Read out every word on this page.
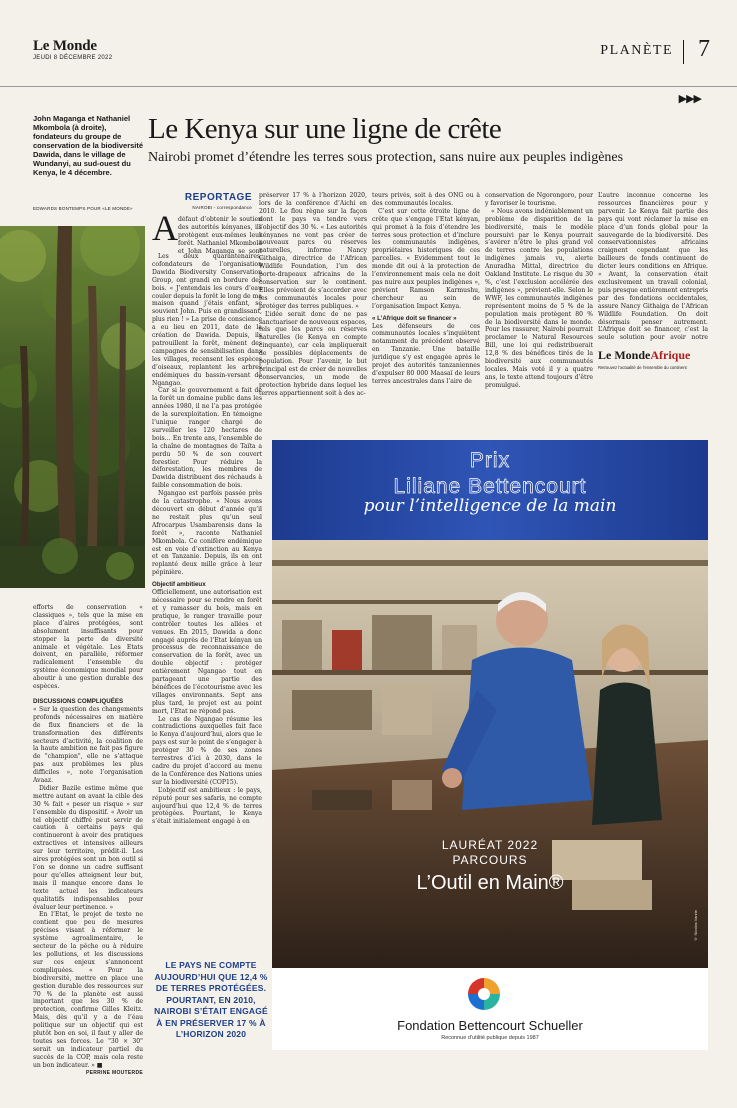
Le Monde
JEUDI 8 DÉCEMBRE 2022	PLANÈTE 7
▶▶▶
John Maganga et Nathaniel Mkombola (à droite), fondateurs du groupe de conservation de la biodiversité Dawida, dans le village de Wundanyi, au sud-ouest du Kenya, le 4 décembre.
EDWARDS BONTEMPS POUR «LE MONDE»
Le Kenya sur une ligne de crête
Nairobi promet d’étendre les terres sous protection, sans nuire aux peuples indigènes
REPORTAGE
NAIROBI - correspondance
A défaut d’obtenir le soutien des autorités kényanes, ils protègent eux-mêmes leur forêt. Nathaniel Mkombola et John Maganga se sont

Les deux quarantenaires, cofondateurs de l’organisation Dawida Biodiversity Conservation Group, ont grandi en bordure des bois. « J’entendais les cours d’eau couler depuis la forêt le long de ma maison quand j’étais enfant, se souvient John. Puis en grandissant, plus rien ! » La prise de conscience a eu lieu en 2011, date de la création de Dawida. Depuis, ils patrouillent la forêt, mènent des campagnes de sensibilisation dans les villages, recensent les espèces d’oiseaux, replantent les arbres endémiques du bassin-versant de Ngangao.

Car si le gouvernement a fait de la forêt un domaine public dans les années 1980, il ne l’a pas protégée de la surexploitation. En témoigne l’unique ranger chargé de surveiller les 120 hectares de bois… En trente ans, l’ensemble de la chaîne de montagnes de Taïta a perdu 50 % de son couvert forestier. Pour réduire la déforestation, les membres de Dawida distribuent des réchauds à faible consommation de bois.

Ngangao est parfois passée près de la catastrophe. « Nous avons découvert en début d’année qu’il ne restait plus qu’un seul Afrocarpus Usambarensis dans la forêt », raconte Nathaniel Mkombola. Ce conifère endémique est en voie d’extinction au Kenya et en Tanzanie. Depuis, ils en ont replanté deux mille grâce à leur pépinière.

Objectif ambitieux

Officiellement, une autorisation est nécessaire pour se rendre en forêt et y ramasser du bois, mais en pratique, le ranger travaille pour contrôler toutes les allées et venues. En 2015, Dawida a donc engagé auprès de l’Etat kényan un processus de reconnaissance de conservation de la forêt, avec un double objectif : protéger entièrement Ngangao tout en partageant une partie des bénéfices de l’écotourisme avec les villages environnants. Sept ans plus tard, le projet est au point mort, l’Etat ne répond pas.

Le cas de Ngangao résume les contradictions auxquelles fait face le Kenya d’aujourd’hui, alors que le pays est sur le point de s’engager à protéger 30 % de ses zones terrestres d’ici à 2030, dans le cadre du projet d’accord au menu de la Conférence des Nations unies sur la biodiversité (COP15).

L’objectif est ambitieux : le pays, réputé pour ses safaris, ne compte aujourd’hui que 12,4 % de terres protégées. Pourtant, le Kenya s’était initialement engagé à en

LE PAYS NE COMPTE AUJOURD’HUI QUE 12,4 % DE TERRES PROTÉGÉES. POURTANT, EN 2010, NAIROBI S’ÉTAIT ENGAGÉ À EN PRÉSERVER 17 % À L’HORIZON 2020

préserver 17 % à l’horizon 2020, lors de la conférence d’Aichi en 2010. Le flou règne sur la façon dont le pays va tendre vers l’objectif des 30 %. « Les autorités kényanes ne vont pas créer de nouveaux parcs ou réserves naturelles, informe Nancy Githaiga, directrice de l’African Wildlife Foundation, l’un des porte-drapeaux africains de la conservation sur le continent. Elles prévoient de s’accorder avec les communautés locales pour protéger des terres publiques. »

L’idée serait donc de ne pas sanctuariser de nouveaux espaces, tels que les parcs ou réserves naturelles (le Kenya en compte cinquante), car cela impliquerait de possibles déplacements de population. Pour l’avenir, le but principal est de créer de nouvelles conservancies, un mode de protection hybride dans lequel les terres appartiennent soit à des ac-

teurs privés, soit à des ONG ou à des communautés locales.

C’est sur cette étroite ligne de crête que s’engage l’Etat kényan, qui promet à la fois d’étendre les terres sous protection et d’inclure les communautés indigènes, propriétaires historiques de ces parcelles. « Evidemment tout le monde dit oui à la protection de l’environnement mais cela ne doit pas nuire aux peuples indigènes », prévient Ramson Karmushu, chercheur au sein de l’organisation Impact Kenya.

« L’Afrique doit se financer »

Les défenseurs de ces communautés locales s’inquiètent notamment du précédent observé en Tanzanie. Une bataille juridique s’y est engagée après le projet des autorités tanzaniennes d’expulser 80 000 Maasaï de leurs terres ancestrales dans l’aire de

conservation de Ngorongoro, pour y favoriser le tourisme.

« Nous avons indéniablement un problème de disparition de la biodiversité, mais le modèle poursuivi par le Kenya pourrait s’avérer n’être le plus grand vol de terres contre les populations indigènes jamais vu, alerte Anuradha Mittal, directrice du Oakland Institute. Le risque du 30 %, c’est l’exclusion accélérée des indigènes », prévient-elle. Selon le WWF, les communautés indigènes représentent moins de 5 % de la population mais protègent 80 % de la biodiversité dans le monde. Pour les rassurer, Nairobi pourrait proclamer le Natural Resources Bill, une loi qui redistribuerait 12,8 % des bénéfices tirés de la biodiversité aux communautés locales. Mais voté il y a quatre ans, le texte attend toujours d’être promulgué.

L’autre inconnue concerne les ressources financières pour y parvenir. Le Kenya fait partie des pays qui vont réclamer la mise en place d’un fonds global pour la sauvegarde de la biodiversité. Des conservationnistes africains craignent cependant que les bailleurs de fonds continuent de dicter leurs conditions en Afrique. « Avant, la conservation était exclusivement un travail colonial, puis presque entièrement entrepris par des fondations occidentales, assure Nancy Githaiga de l’African Wildlife Foundation. On doit désormais penser autrement. L’Afrique doit se financer, c’est la seule solution pour avoir notre

Le MondeAfrique
Retrouvez l’actualité de l’ensemble du continent

efforts de conservation « classiques », tels que la mise en place d’aires protégées, sont absolument insuffisants pour stopper la perte de diversité animale et végétale. Les Etats doivent, en parallèle, réformer radicalement l’ensemble du système économique mondial pour aboutir à une gestion durable des espèces.

DISCUSSIONS COMPLIQUÉES

« Sur la question des changements profonds nécessaires en matière de flux financiers et de la transformation des différents secteurs d’activité, la coalition de la haute ambition ne fait pas figure de "champion", elle ne s’attaque pas aux problèmes les plus difficiles », note l’organisation Avaaz.

Didier Bazile estime même que mettre autant en avant la cible des 30 % fait « peser un risque » sur l’ensemble du dispositif. « Avoir un tel objectif chiffré peut servir de caution à certains pays qui continueront à avoir des pratiques extractives et intensives ailleurs sur leur territoire, prédit-il. Les aires protégées sont un bon outil si l’on se donne un cadre suffisant pour qu’elles atteignent leur but, mais il manque encore dans le texte actuel les indicateurs qualitatifs indispensables pour évaluer leur pertinence. »

En l’Etat, le projet de texte ne contient que peu de mesures précises visant à réformer le système agroalimentaire, le secteur de la pêche ou à réduire les pollutions, et les discussions sur ces enjeux s’annoncent compliquées. « Pour la biodiversité, mettre en place une gestion durable des ressources sur 70 % de la planète est aussi important que les 30 % de protection, confirme Gilles Kleitz. Mais, dès qu’il y a de l’éau politique sur un objectif qui est plutôt bon en soi, il faut y aller de toutes ses forces. Le "30 × 30" serait un indicateur partiel du succès de la COP, mais cela reste un bon indicateur. » ■

PERRINE MOUTERDE

Prix
Liliane Bettencourt
pour l’intelligence de la main
LAURÉAT 2022
PARCOURS
L’Outil en Main®
© Nicolas Vanrie
Fondation Bettencourt Schueller
Reconnue d’utilité publique depuis 1987
